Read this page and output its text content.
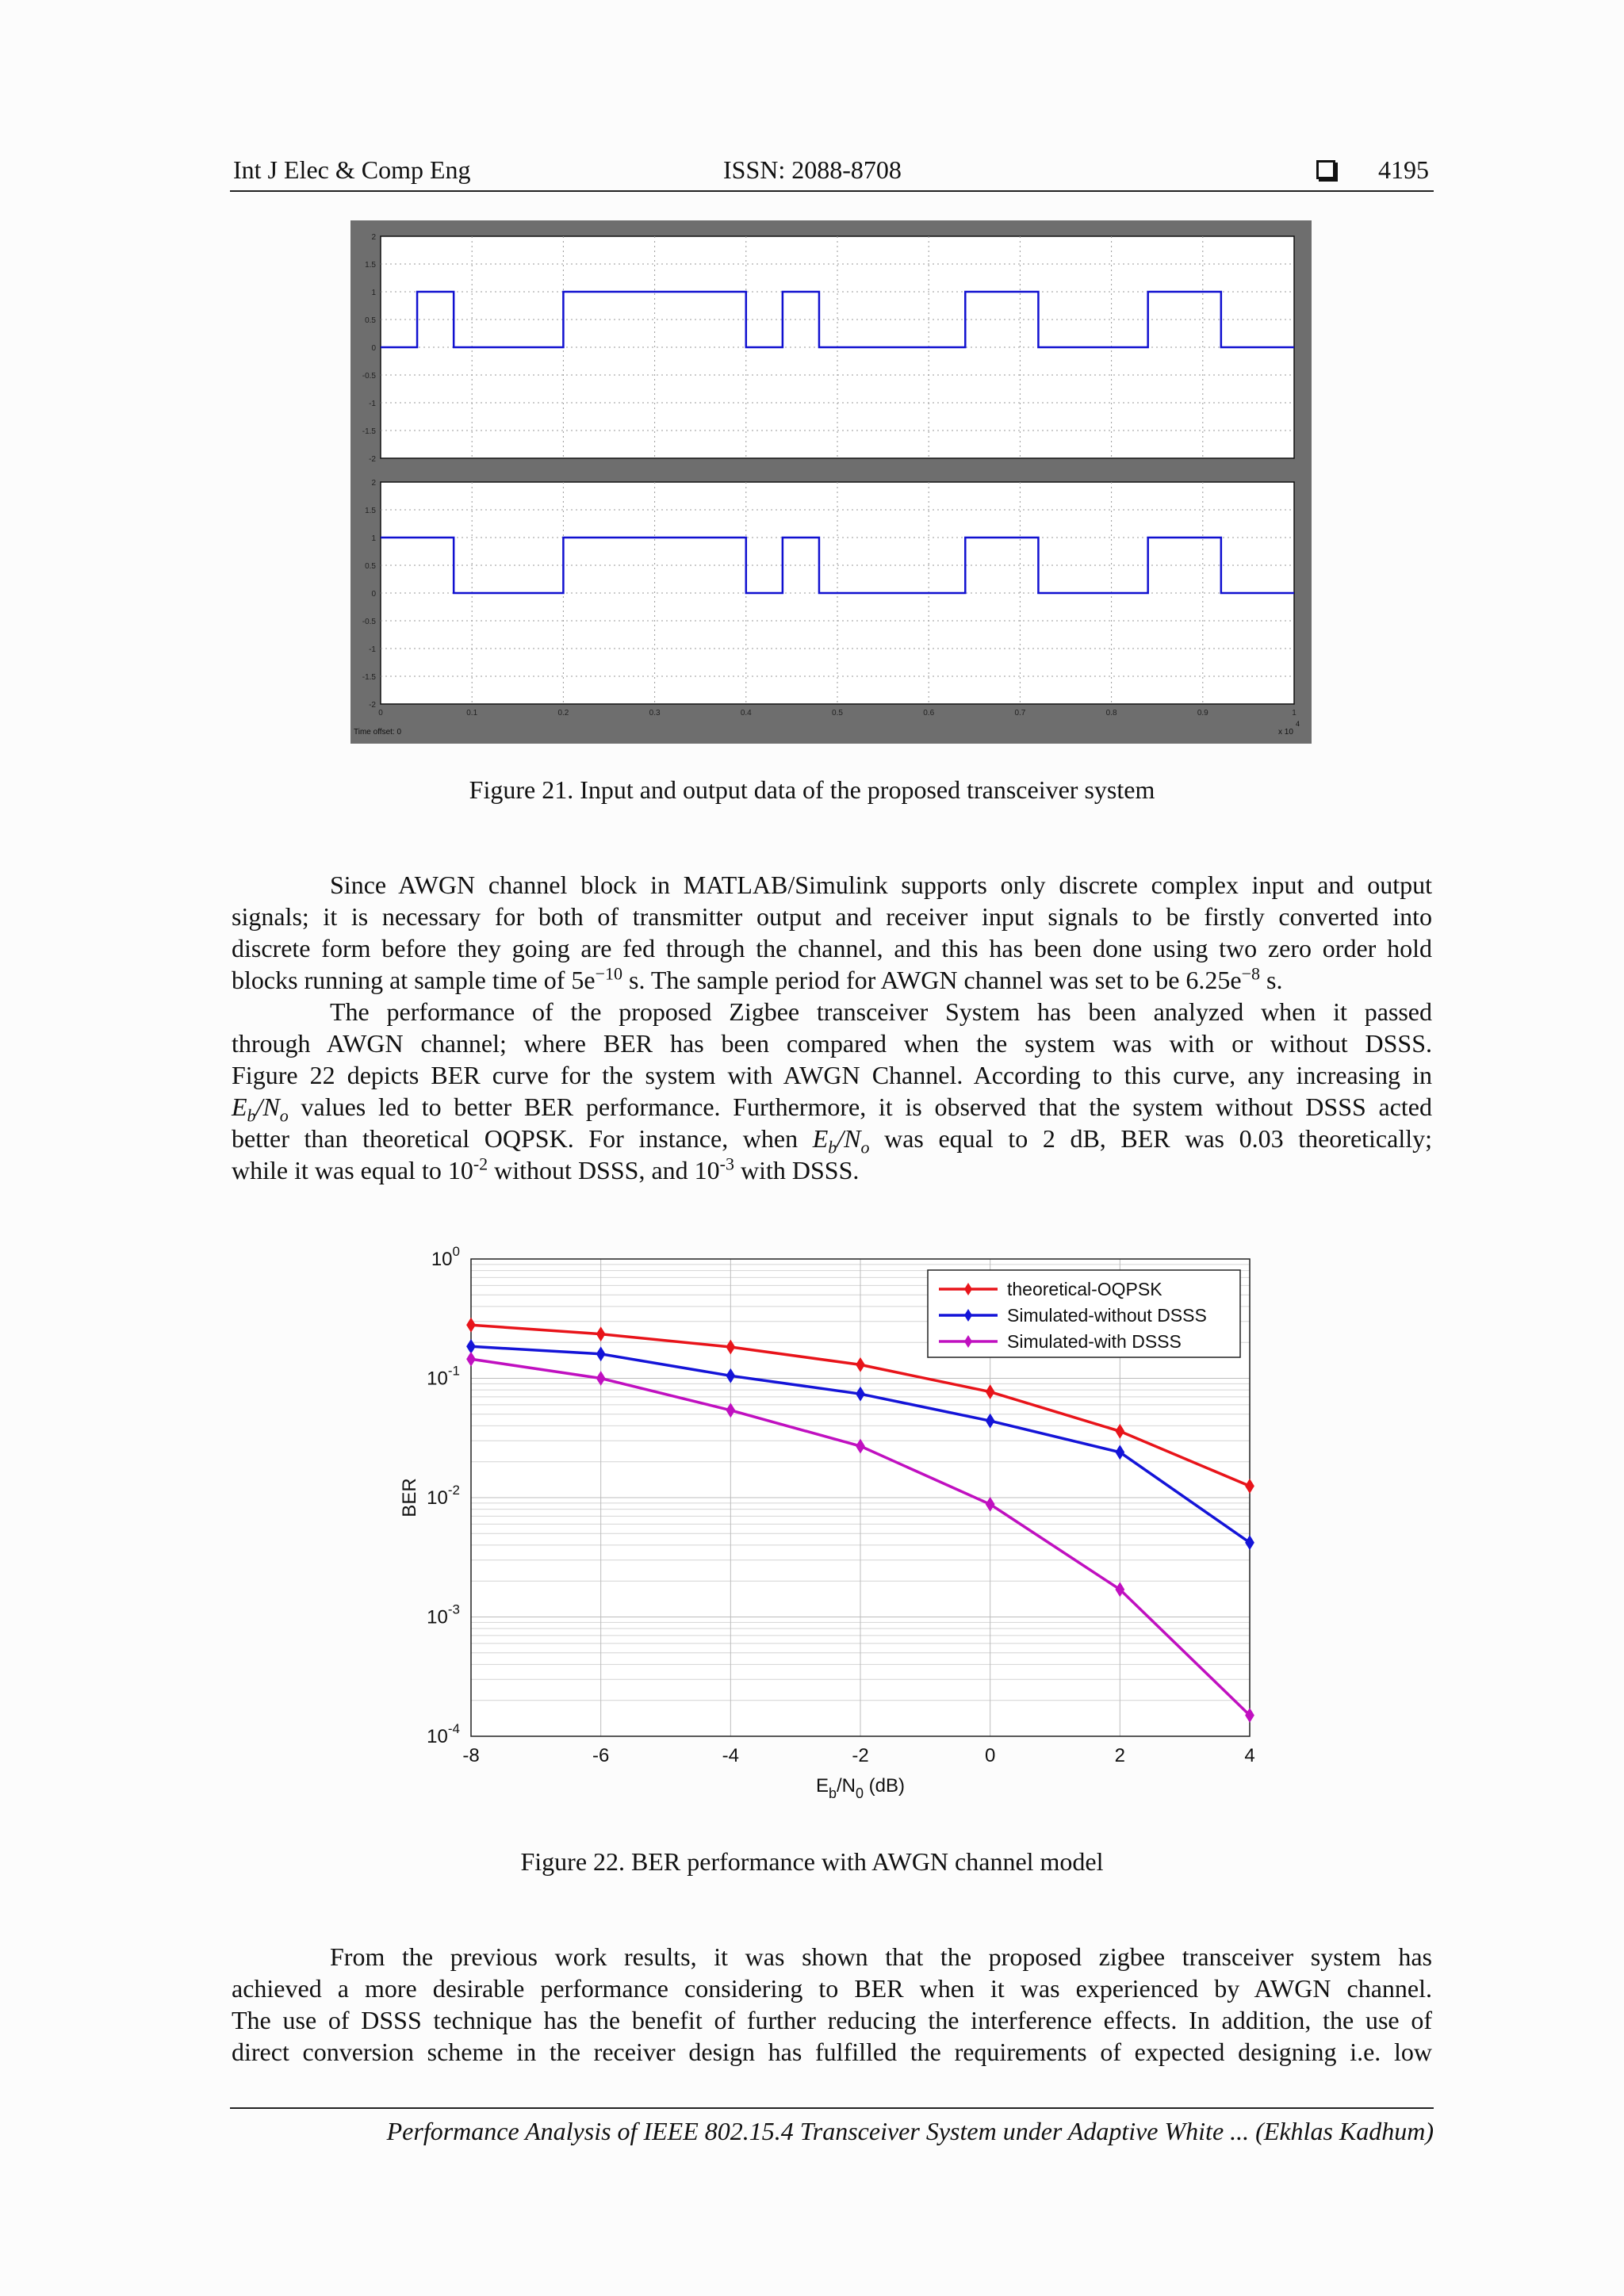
Int J Elec & Comp Eng	ISSN: 2088-8708	4195
2
1.5
1
0.5
0
-0.5
-1
-1.5
-2
2
1.5
1
0.5
0
-0.5
-1
-1.5
-2
0	0.1	0.2	0.3	0.4	0.5	0.6	0.7	0.8	0.9	1
Time offset: 0	x 10
4
Figure 21. Input and output data of the proposed transceiver system
Since AWGN channel block in MATLAB/Simulink supports only discrete complex input and output
signals; it is necessary for both of transmitter output and receiver input signals to be firstly converted into
discrete form before they going are fed through the channel, and this has been done using two zero order hold
blocks running at sample time of $5e^{-10}$ s. The sample period for AWGN channel was set to be $6.25e^{-8}$ s.
The performance of the proposed Zigbee transceiver System has been analyzed when it passed
through AWGN channel; where BER has been compared when the system was with or without DSSS.
Figure 22 depicts BER curve for the system with AWGN Channel. According to this curve, any increasing in
$E_b/N_o$ values led to better BER performance. Furthermore, it is observed that the system without DSSS acted
better than theoretical OQPSK. For instance, when $E_b/N_o$ was equal to 2 dB, BER was 0.03 theoretically;
while it was equal to $10^{-2}$ without DSSS, and $10^{-3}$ with DSSS.
$10^0$
$10^{-1}$
$10^{-2}$
$10^{-3}$
$10^{-4}$
-8	-6	-4	-2	0	2	4
theoretical-OQPSK
Simulated-without DSSS
Simulated-with DSSS
$E_b/N_0$ (dB)
BER
Figure 22. BER performance with AWGN channel model
From the previous work results, it was shown that the proposed zigbee transceiver system has
achieved a more desirable performance considering to BER when it was experienced by AWGN channel.
The use of DSSS technique has the benefit of further reducing the interference effects. In addition, the use of
direct conversion scheme in the receiver design has fulfilled the requirements of expected designing i.e. low
Performance Analysis of IEEE 802.15.4 Transceiver System under Adaptive White ... (Ekhlas Kadhum)
